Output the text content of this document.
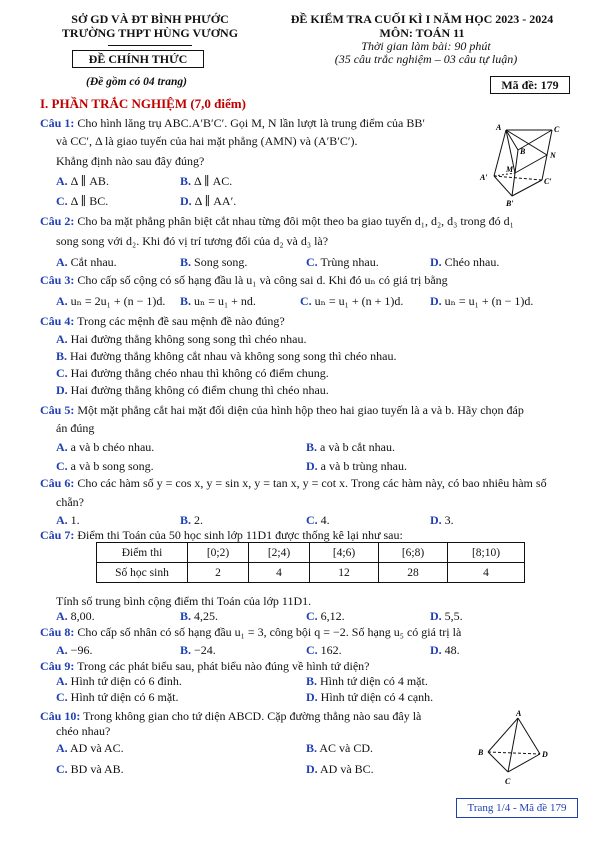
SỞ GD VÀ ĐT BÌNH PHƯỚC
TRƯỜNG THPT HÙNG VƯƠNG
ĐỀ CHÍNH THỨC
(Đề gồm có 04 trang)
ĐỀ KIỂM TRA CUỐI KÌ I NĂM HỌC 2023 - 2024
MÔN: TOÁN 11
Thời gian làm bài: 90 phút
(35 câu trắc nghiệm – 03 câu tự luận)
Mã đề: 179
I. PHẦN TRẮC NGHIỆM (7,0 điểm)
Câu 1: Cho hình lăng trụ ABC.A′B′C′. Gọi M, N lần lượt là trung điểm của BB′
và CC′, Δ là giao tuyến của hai mặt phẳng (AMN) và (A′B′C′).
Khẳng định nào sau đây đúng?
A. Δ ∥ AB.	B. Δ ∥ AC.
C. Δ ∥ BC.	D. Δ ∥ AA′.
A	C
B	N
M
A′	C′
B′
Câu 2: Cho ba mặt phẳng phân biệt cắt nhau từng đôi một theo ba giao tuyến d₁, d₂, d₃ trong đó d₁
song song với d₂. Khi đó vị trí tương đối của d₂ và d₃ là?
A. Cắt nhau.	B. Song song.	C. Trùng nhau.	D. Chéo nhau.
Câu 3: Cho cấp số cộng có số hạng đầu là u₁ và công sai d. Khi đó uₙ có giá trị bằng
A. uₙ = 2u₁ + (n − 1)d. B. uₙ = u₁ + nd.	C. uₙ = u₁ + (n + 1)d. D. uₙ = u₁ + (n − 1)d.
Câu 4: Trong các mệnh đề sau mệnh đề nào đúng?
A. Hai đường thẳng không song song thì chéo nhau.
B. Hai đường thẳng không cắt nhau và không song song thì chéo nhau.
C. Hai đường thẳng chéo nhau thì không có điểm chung.
D. Hai đường thẳng không có điểm chung thì chéo nhau.
Câu 5: Một mặt phẳng cắt hai mặt đối diện của hình hộp theo hai giao tuyến là a và b. Hãy chọn đáp
án đúng
A. a và b chéo nhau.	B. a và b cắt nhau.
C. a và b song song.	D. a và b trùng nhau.
Câu 6: Cho các hàm số y = cos x, y = sin x, y = tan x, y = cot x. Trong các hàm này, có bao nhiêu hàm số
chẵn?
A. 1.	B. 2.	C. 4.	D. 3.
Câu 7: Điểm thi Toán của 50 học sinh lớp 11D1 được thống kê lại như sau:
Điểm thi	[0;2)	[2;4)	[4;6)	[6;8)	[8;10)
Số học sinh	2	4	12	28	4
Tính số trung bình cộng điểm thi Toán của lớp 11D1.
A. 8,00.	B. 4,25.	C. 6,12.	D. 5,5.
Câu 8: Cho cấp số nhân có số hạng đầu u₁ = 3, công bội q = −2. Số hạng u₅ có giá trị là
A. −96.	B. −24.	C. 162.	D. 48.
Câu 9: Trong các phát biểu sau, phát biểu nào đúng về hình tứ diện?
A. Hình tứ diện có 6 đỉnh.	B. Hình tứ diện có 4 mặt.
C. Hình tứ diện có 6 mặt.	D. Hình tứ diện có 4 cạnh.
Câu 10: Trong không gian cho tứ diện ABCD. Cặp đường thẳng nào sau đây là
chéo nhau?
A. AD và AC.	B. AC và CD.
C. BD và AB.	D. AD và BC.
A
B	D
C
Trang 1/4 - Mã đề 179
